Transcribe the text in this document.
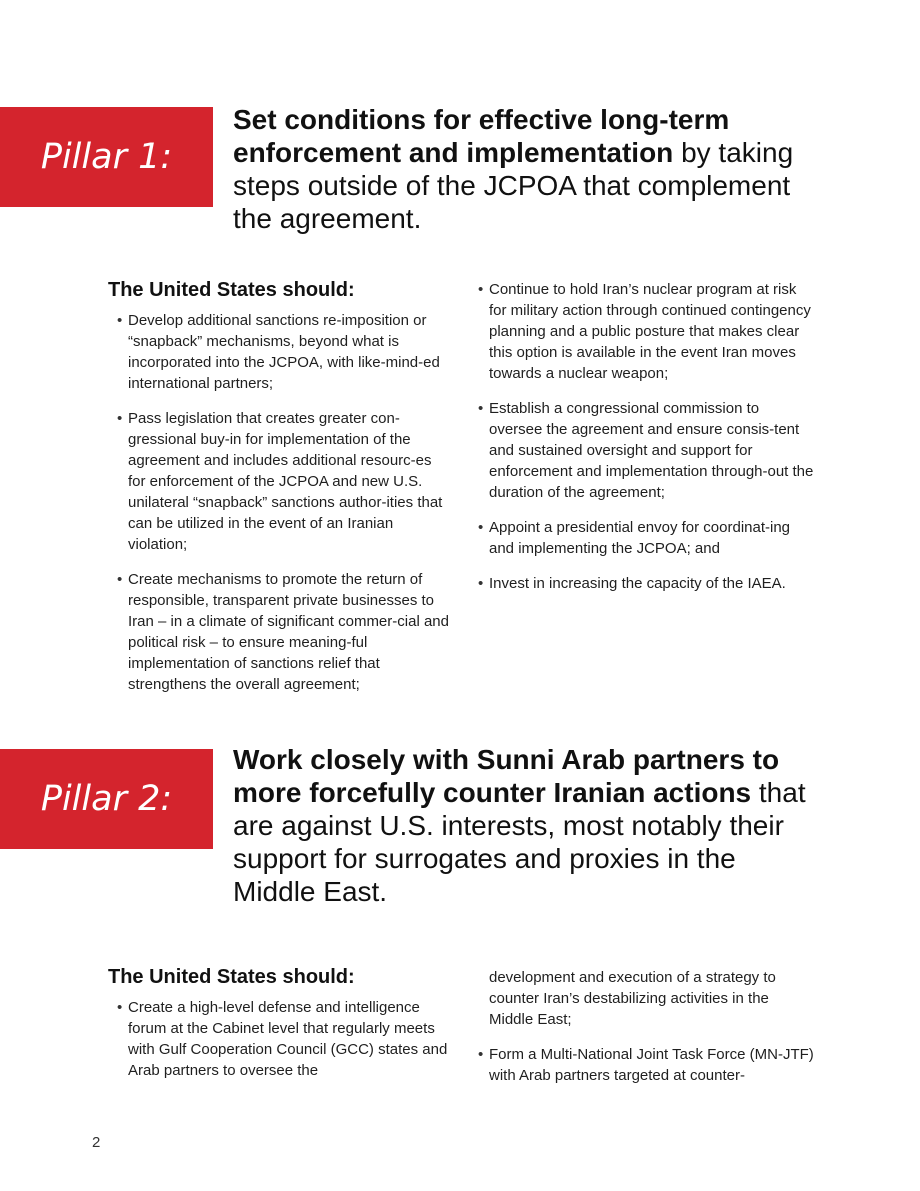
Pillar 1:
Set conditions for effective long-term enforcement and implementation by taking steps outside of the JCPOA that complement the agreement.
The United States should:
• Develop additional sanctions re-imposition or “snapback” mechanisms, beyond what is incorporated into the JCPOA, with like-mind-ed international partners;
• Pass legislation that creates greater con-gressional buy-in for implementation of the agreement and includes additional resourc-es for enforcement of the JCPOA and new U.S. unilateral “snapback” sanctions author-ities that can be utilized in the event of an Iranian violation;
• Create mechanisms to promote the return of responsible, transparent private businesses to Iran – in a climate of significant commer-cial and political risk – to ensure meaning-ful implementation of sanctions relief that strengthens the overall agreement;
• Continue to hold Iran’s nuclear program at risk for military action through continued contingency planning and a public posture that makes clear this option is available in the event Iran moves towards a nuclear weapon;
• Establish a congressional commission to oversee the agreement and ensure consis-tent and sustained oversight and support for enforcement and implementation through-out the duration of the agreement;
• Appoint a presidential envoy for coordinat-ing and implementing the JCPOA; and
• Invest in increasing the capacity of the IAEA.
Pillar 2:
Work closely with Sunni Arab partners to more forcefully counter Iranian actions that are against U.S. interests, most notably their support for surrogates and proxies in the Middle East.
The United States should:
• Create a high-level defense and intelligence forum at the Cabinet level that regularly meets with Gulf Cooperation Council (GCC) states and Arab partners to oversee the
development and execution of a strategy to counter Iran’s destabilizing activities in the Middle East;
• Form a Multi-National Joint Task Force (MN-JTF) with Arab partners targeted at counter-
2
